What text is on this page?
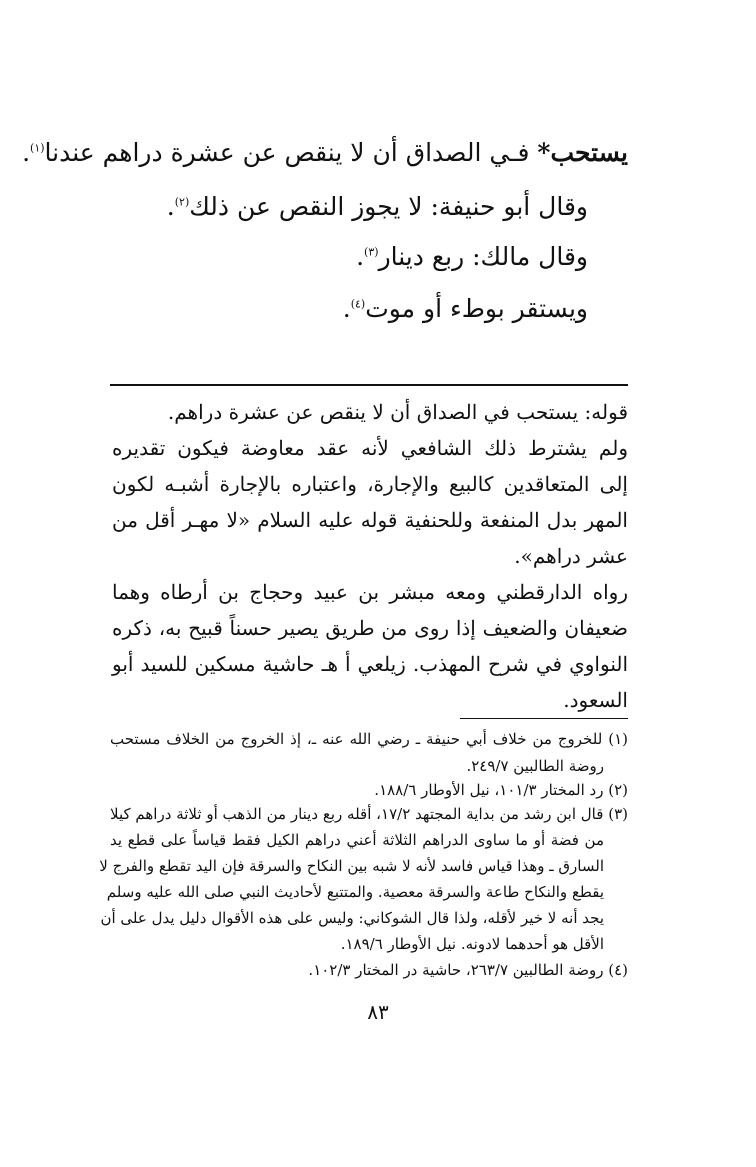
يستحب* فـي الصداق أن لا ينقص عن عشرة دراهم عندنا$^{(١)}$.
وقال أبو حنيفة: لا يجوز النقص عن ذلك$^{(٢)}$.
وقال مالك: ربع دينار$^{(٣)}$.
ويستقر بوطء أو موت$^{(٤)}$.
قوله: يستحب في الصداق أن لا ينقص عن عشرة دراهم.
ولم يشترط ذلك الشافعي لأنه عقد معاوضة فيكون تقديره
إلى المتعاقدين كالبيع والإجارة، واعتباره بالإجارة أشبـه لكون
المهر بدل المنفعة وللحنفية قوله عليه السلام «لا مهـر أقل من
عشر دراهم».
رواه الدارقطني ومعه مبشر بن عبيد وحجاج بن أرطاه وهما
ضعيفان والضعيف إذا روى من طريق يصير حسناً قبيح به، ذكره
النواوي في شرح المهذب. زيلعي أ هـ حاشية مسكين للسيد أبو
السعود.
(١) للخروج من خلاف أبي حنيفة ـ رضي الله عنه ـ، إذ الخروج من الخلاف مستحب
روضة الطالبين ٢٤٩/٧.
(٢) رد المختار ١٠١/٣، نيل الأوطار ١٨٨/٦.
(٣) قال ابن رشد من بداية المجتهد ١٧/٢، أقله ربع دينار من الذهب أو ثلاثة دراهم كيلا
من فضة أو ما ساوى الدراهم الثلاثة أعني دراهم الكيل فقط قياساً على قطع يد
السارق ـ وهذا قياس فاسد لأنه لا شبه بين النكاح والسرقة فإن اليد تقطع والفرج لا
يقطع والنكاح طاعة والسرقة معصية. والمتتبع لأحاديث النبي صلى الله عليه وسلم
يجد أنه لا خير لأقله، ولذا قال الشوكاني: وليس على هذه الأقوال دليل يدل على أن
الأقل هو أحدهما لادونه. نيل الأوطار ١٨٩/٦.
(٤) روضة الطالبين ٢٦٣/٧، حاشية در المختار ١٠٢/٣.
٨٣
